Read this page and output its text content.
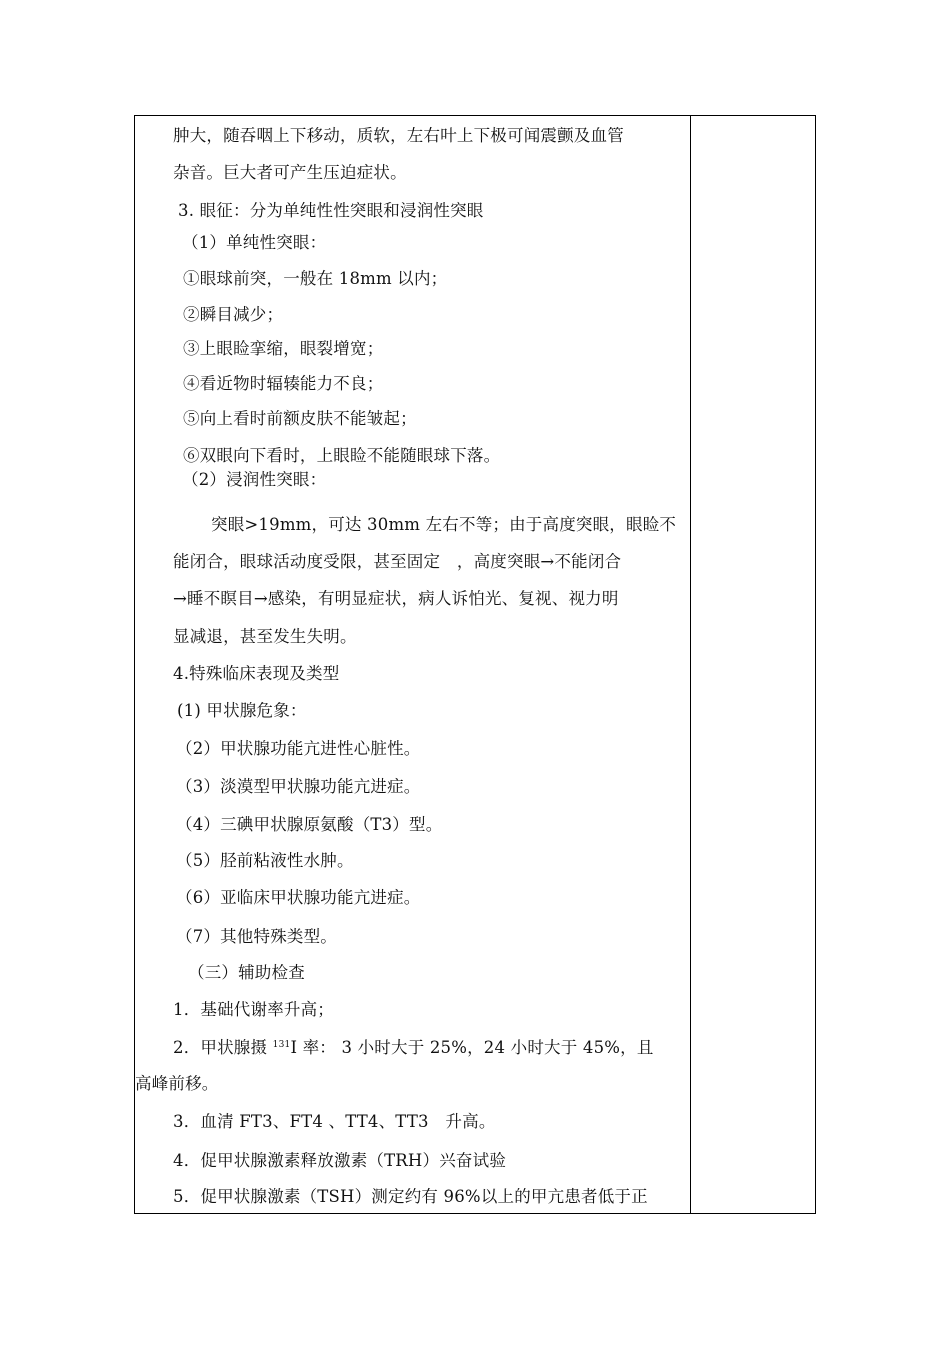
肿大，随吞咽上下移动，质软，左右叶上下极可闻震颤及血管
杂音。巨大者可产生压迫症状。
3. 眼征：分为单纯性性突眼和浸润性突眼
（1）单纯性突眼：
①眼球前突，一般在 18mm 以内；
②瞬目减少；
③上眼睑挛缩，眼裂增宽；
④看近物时辐辏能力不良；
⑤向上看时前额皮肤不能皱起；
⑥双眼向下看时，上眼睑不能随眼球下落。
（2）浸润性突眼：
突眼>19mm，可达 30mm 左右不等；由于高度突眼，眼睑不
能闭合，眼球活动度受限，甚至固定　，高度突眼→不能闭合
→睡不瞑目→感染，有明显症状，病人诉怕光、复视、视力明
显减退，甚至发生失明。
4.特殊临床表现及类型
(1) 甲状腺危象：
（2）甲状腺功能亢进性心脏性。
（3）淡漠型甲状腺功能亢进症。
（4）三碘甲状腺原氨酸（T3）型。
（5）胫前粘液性水肿。
（6）亚临床甲状腺功能亢进症。
（7）其他特殊类型。
（三）辅助检查
1．基础代谢率升高；
2．甲状腺摄 $^{131}$I 率： 3 小时大于 25%，24 小时大于 45%，且
高峰前移。
3．血清 FT3、FT4 、TT4、TT3　升高。
4．促甲状腺激素释放激素（TRH）兴奋试验
5．促甲状腺激素（TSH）测定约有 96%以上的甲亢患者低于正
